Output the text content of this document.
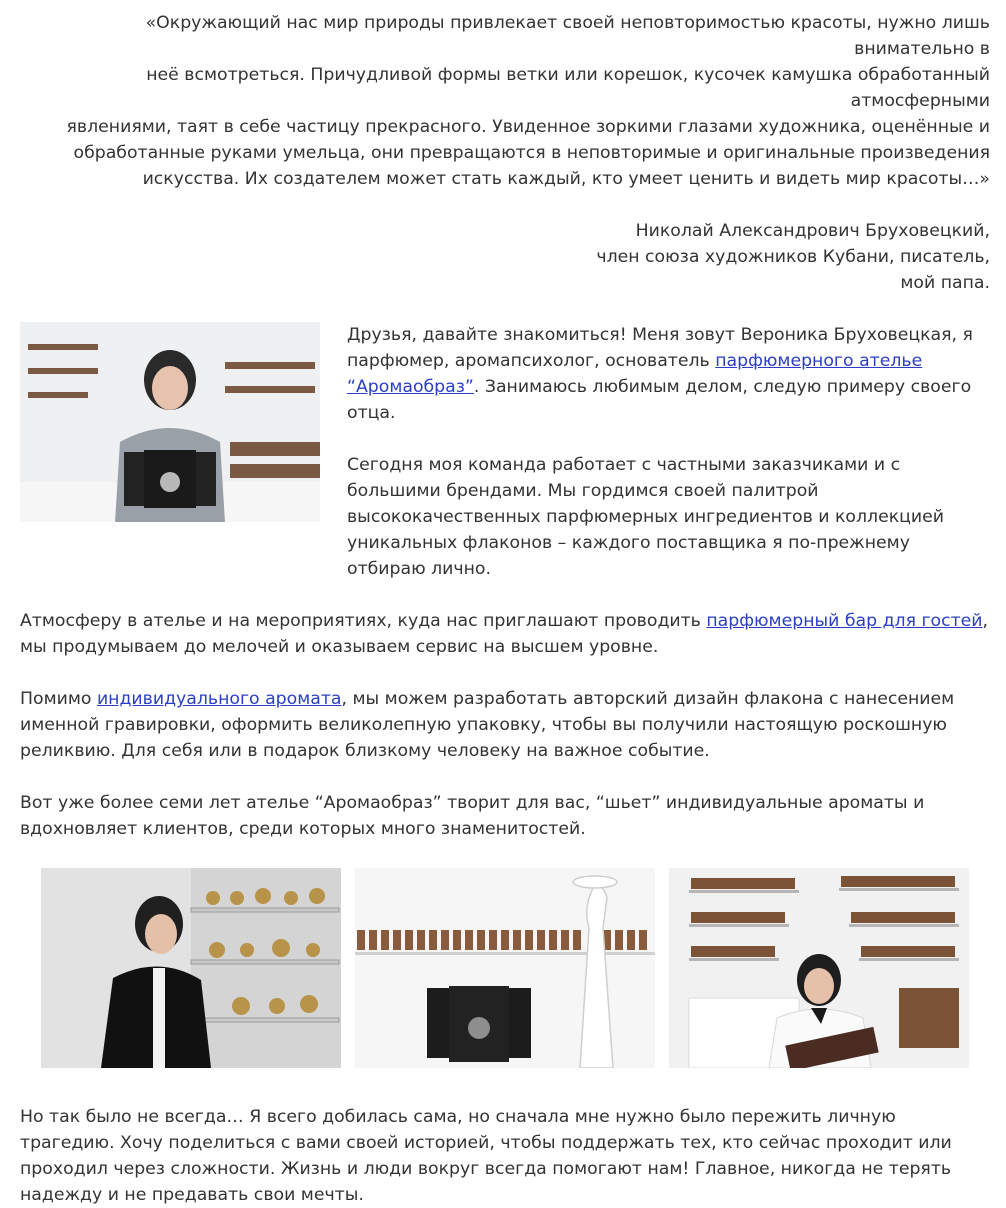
«Окружающий нас мир природы привлекает своей неповторимостью красоты, нужно лишь внимательно в

неё всмотреться. Причудливой формы ветки или корешок, кусочек камушка обработанный атмосферными

явлениями, таят в себе частицу прекрасного. Увиденное зоркими глазами художника, оценённые и

обработанные руками умельца, они превращаются в неповторимые и оригинальные произведения

искусства. Их создателем может стать каждый, кто умеет ценить и видеть мир красоты…»

Николай Александрович Бруховецкий,

член союза художников Кубани, писатель,

мой папа.

Друзья, давайте знакомиться! Меня зовут Вероника Бруховецкая, я парфюмер, аромапсихолог, основатель парфюмерного ателье “Аромаобраз”. Занимаюсь любимым делом, следую примеру своего отца.

Сегодня моя команда работает с частными заказчиками и с большими брендами. Мы гордимся своей палитрой высококачественных парфюмерных ингредиентов и коллекцией уникальных флаконов – каждого поставщика я по-прежнему отбираю лично.

Атмосферу в ателье и на мероприятиях, куда нас приглашают проводить парфюмерный бар для гостей, мы продумываем до мелочей и оказываем сервис на высшем уровне.

Помимо индивидуального аромата, мы можем разработать авторский дизайн флакона с нанесением именной гравировки, оформить великолепную упаковку, чтобы вы получили настоящую роскошную реликвию. Для себя или в подарок близкому человеку на важное событие.

Вот уже более семи лет ателье “Аромаобраз” творит для вас, “шьет” индивидуальные ароматы и вдохновляет клиентов, среди которых много знаменитостей.

Но так было не всегда… Я всего добилась сама, но сначала мне нужно было пережить личную трагедию. Хочу поделиться с вами своей историей, чтобы поддержать тех, кто сейчас проходит или проходил через сложности. Жизнь и люди вокруг всегда помогают нам! Главное, никогда не терять надежду и не предавать свои мечты.
